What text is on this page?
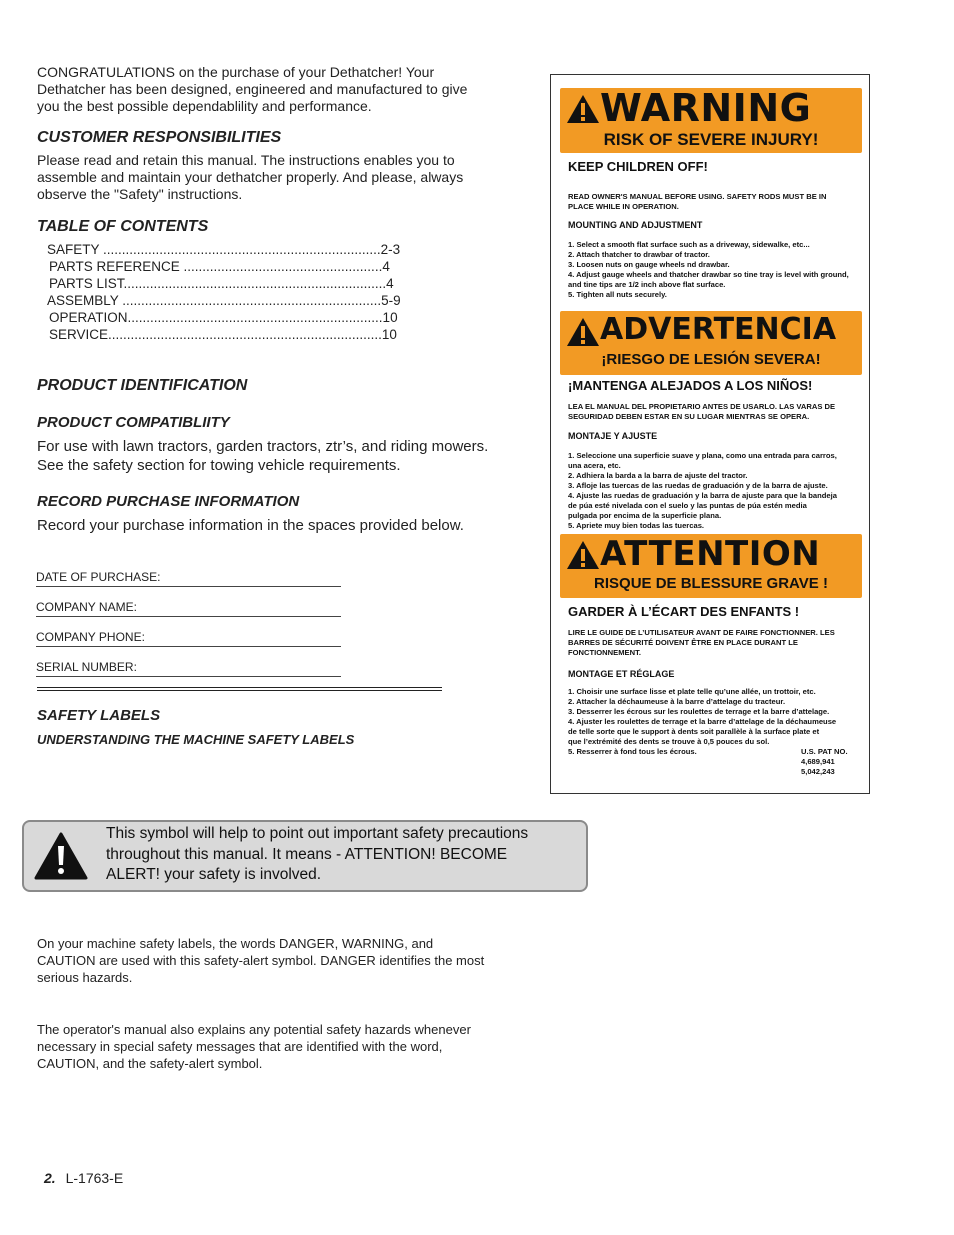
CONGRATULATIONS on the purchase of your Dethatcher! Your

Dethatcher has been designed, engineered and manufactured to give

you the best possible dependablility and performance.

CUSTOMER RESPONSIBILITIES

Please read and retain this manual. The instructions enables you to

assemble and maintain your dethatcher properly. And please, always

observe the "Safety" instructions.

TABLE OF CONTENTS

SAFETY ..........................................................................2-3
PARTS REFERENCE .....................................................4
PARTS LIST......................................................................4
ASSEMBLY .....................................................................5-9
OPERATION....................................................................10
SERVICE.........................................................................10

PRODUCT IDENTIFICATION

PRODUCT COMPATIBLIITY

For use with lawn tractors, garden tractors, ztr’s, and riding mowers.

See the safety section for towing vehicle requirements.

RECORD PURCHASE INFORMATION

Record your purchase information in the spaces provided below.

DATE OF PURCHASE:
COMPANY NAME:
COMPANY PHONE:
SERIAL NUMBER:

SAFETY LABELS

UNDERSTANDING THE MACHINE SAFETY LABELS

WARNING
RISK OF SEVERE INJURY!
KEEP CHILDREN OFF!
READ OWNER'S MANUAL BEFORE USING. SAFETY RODS MUST BE IN
PLACE WHILE IN OPERATION.
MOUNTING AND ADJUSTMENT
1. Select a smooth flat surface such as a driveway, sidewalke, etc...
2. Attach thatcher to drawbar of tractor.
3. Loosen nuts on gauge wheels nd drawbar.
4. Adjust gauge wheels and thatcher drawbar so tine tray is level with ground,
and tine tips are 1/2 inch above flat surface.
5. Tighten all nuts securely.
ADVERTENCIA
¡RIESGO DE LESIÓN SEVERA!
¡MANTENGA ALEJADOS A LOS NIÑOS!
LEA EL MANUAL DEL PROPIETARIO ANTES DE USARLO. LAS VARAS DE
SEGURIDAD DEBEN ESTAR EN SU LUGAR MIENTRAS SE OPERA.
MONTAJE Y AJUSTE
1. Seleccione una superficie suave y plana, como una entrada para carros,
una acera, etc.
2. Adhiera la barda a la barra de ajuste del tractor.
3. Afloje las tuercas de las ruedas de graduación y de la barra de ajuste.
4. Ajuste las ruedas de graduación y la barra de ajuste para que la bandeja
de púa esté nivelada con el suelo y las puntas de púa estén media
pulgada por encima de la superficie plana.
5. Apriete muy bien todas las tuercas.
ATTENTION
RISQUE DE BLESSURE GRAVE !
GARDER À L’ÉCART DES ENFANTS !
LIRE LE GUIDE DE L’UTILISATEUR AVANT DE FAIRE FONCTIONNER. LES
BARRES DE SÉCURITÉ DOIVENT ÊTRE EN PLACE DURANT LE
FONCTIONNEMENT.
MONTAGE ET RÉGLAGE
1. Choisir une surface lisse et plate telle qu’une allée, un trottoir, etc.
2. Attacher la déchaumeuse à la barre d’attelage du tracteur.
3. Desserrer les écrous sur les roulettes de terrage et la barre d’attelage.
4. Ajuster les roulettes de terrage et la barre d’attelage de la déchaumeuse
de telle sorte que le support à dents soit parallèle à la surface plate et
que l’extrémité des dents se trouve à 0,5 pouces du sol.
5. Resserrer à fond tous les écrous.	U.S. PAT NO.
4,689,941
5,042,243
This symbol will help to point out important safety precautions
throughout this manual. It means - ATTENTION! BECOME
ALERT! your safety is involved.

On your machine safety labels, the words DANGER, WARNING, and

CAUTION are used with this safety-alert symbol. DANGER identifies the most

serious hazards.

The operator's manual also explains any potential safety hazards whenever

necessary in special safety messages that are identified with the word,

CAUTION, and the safety-alert symbol.

2. L-1763-E
